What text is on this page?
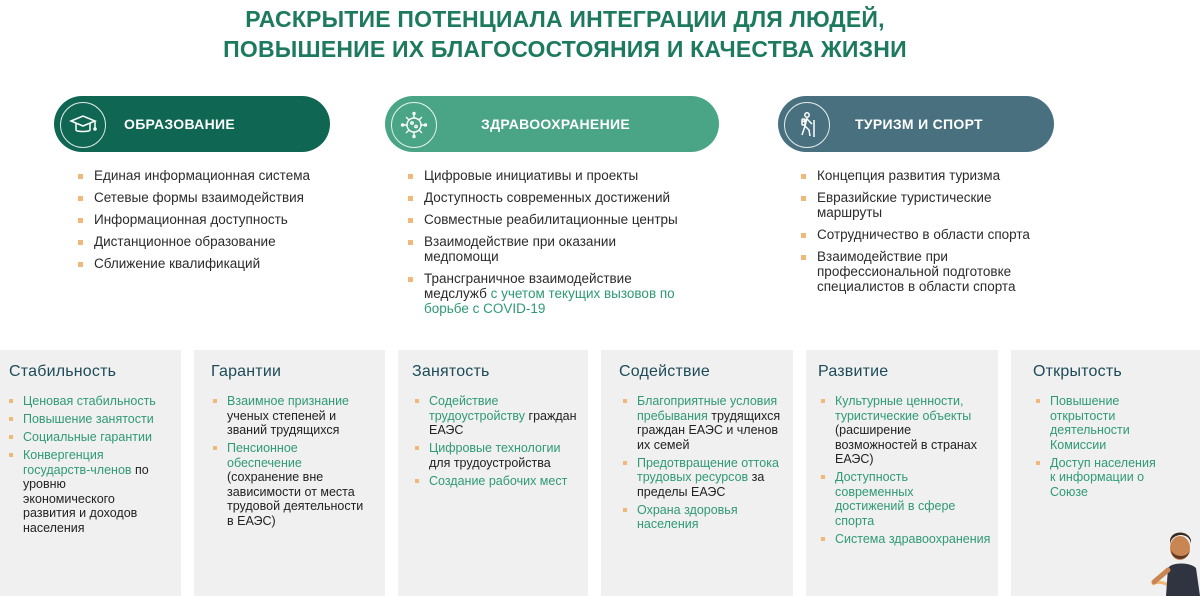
РАСКРЫТИЕ ПОТЕНЦИАЛА ИНТЕГРАЦИИ ДЛЯ ЛЮДЕЙ,
ПОВЫШЕНИЕ ИХ БЛАГОСОСТОЯНИЯ И КАЧЕСТВА ЖИЗНИ
ОБРАЗОВАНИЕ	ЗДРАВООХРАНЕНИЕ	ТУРИЗМ И СПОРТ
Единая информационная система
Сетевые формы взаимодействия
Информационная доступность
Дистанционное образование
Сближение квалификаций
Цифровые инициативы и проекты
Доступность современных достижений
Совместные реабилитационные центры
Взаимодействие при оказании медпомощи
Трансграничное взаимодействие медслужб с учетом текущих вызовов по борьбе с COVID-19
Концепция развития туризма
Евразийские туристические маршруты
Сотрудничество в области спорта
Взаимодействие при профессиональной подготовке специалистов в области спорта
Стабильность
Ценовая стабильность
Повышение занятости
Социальные гарантии
Конвергенция государств-членов по уровню экономического развития и доходов населения
Гарантии
Взаимное признание ученых степеней и званий трудящихся
Пенсионное обеспечение (сохранение вне зависимости от места трудовой деятельности в ЕАЭС)
Занятость
Содействие трудоустройству граждан ЕАЭС
Цифровые технологии для трудоустройства
Создание рабочих мест
Содействие
Благоприятные условия пребывания трудящихся граждан ЕАЭС и членов их семей
Предотвращение оттока трудовых ресурсов за пределы ЕАЭС
Охрана здоровья населения
Развитие
Культурные ценности, туристические объекты (расширение возможностей в странах ЕАЭС)
Доступность современных достижений в сфере спорта
Система здравоохранения
Открытость
Повышение открытости деятельности Комиссии
Доступ населения к информации о Союзе
